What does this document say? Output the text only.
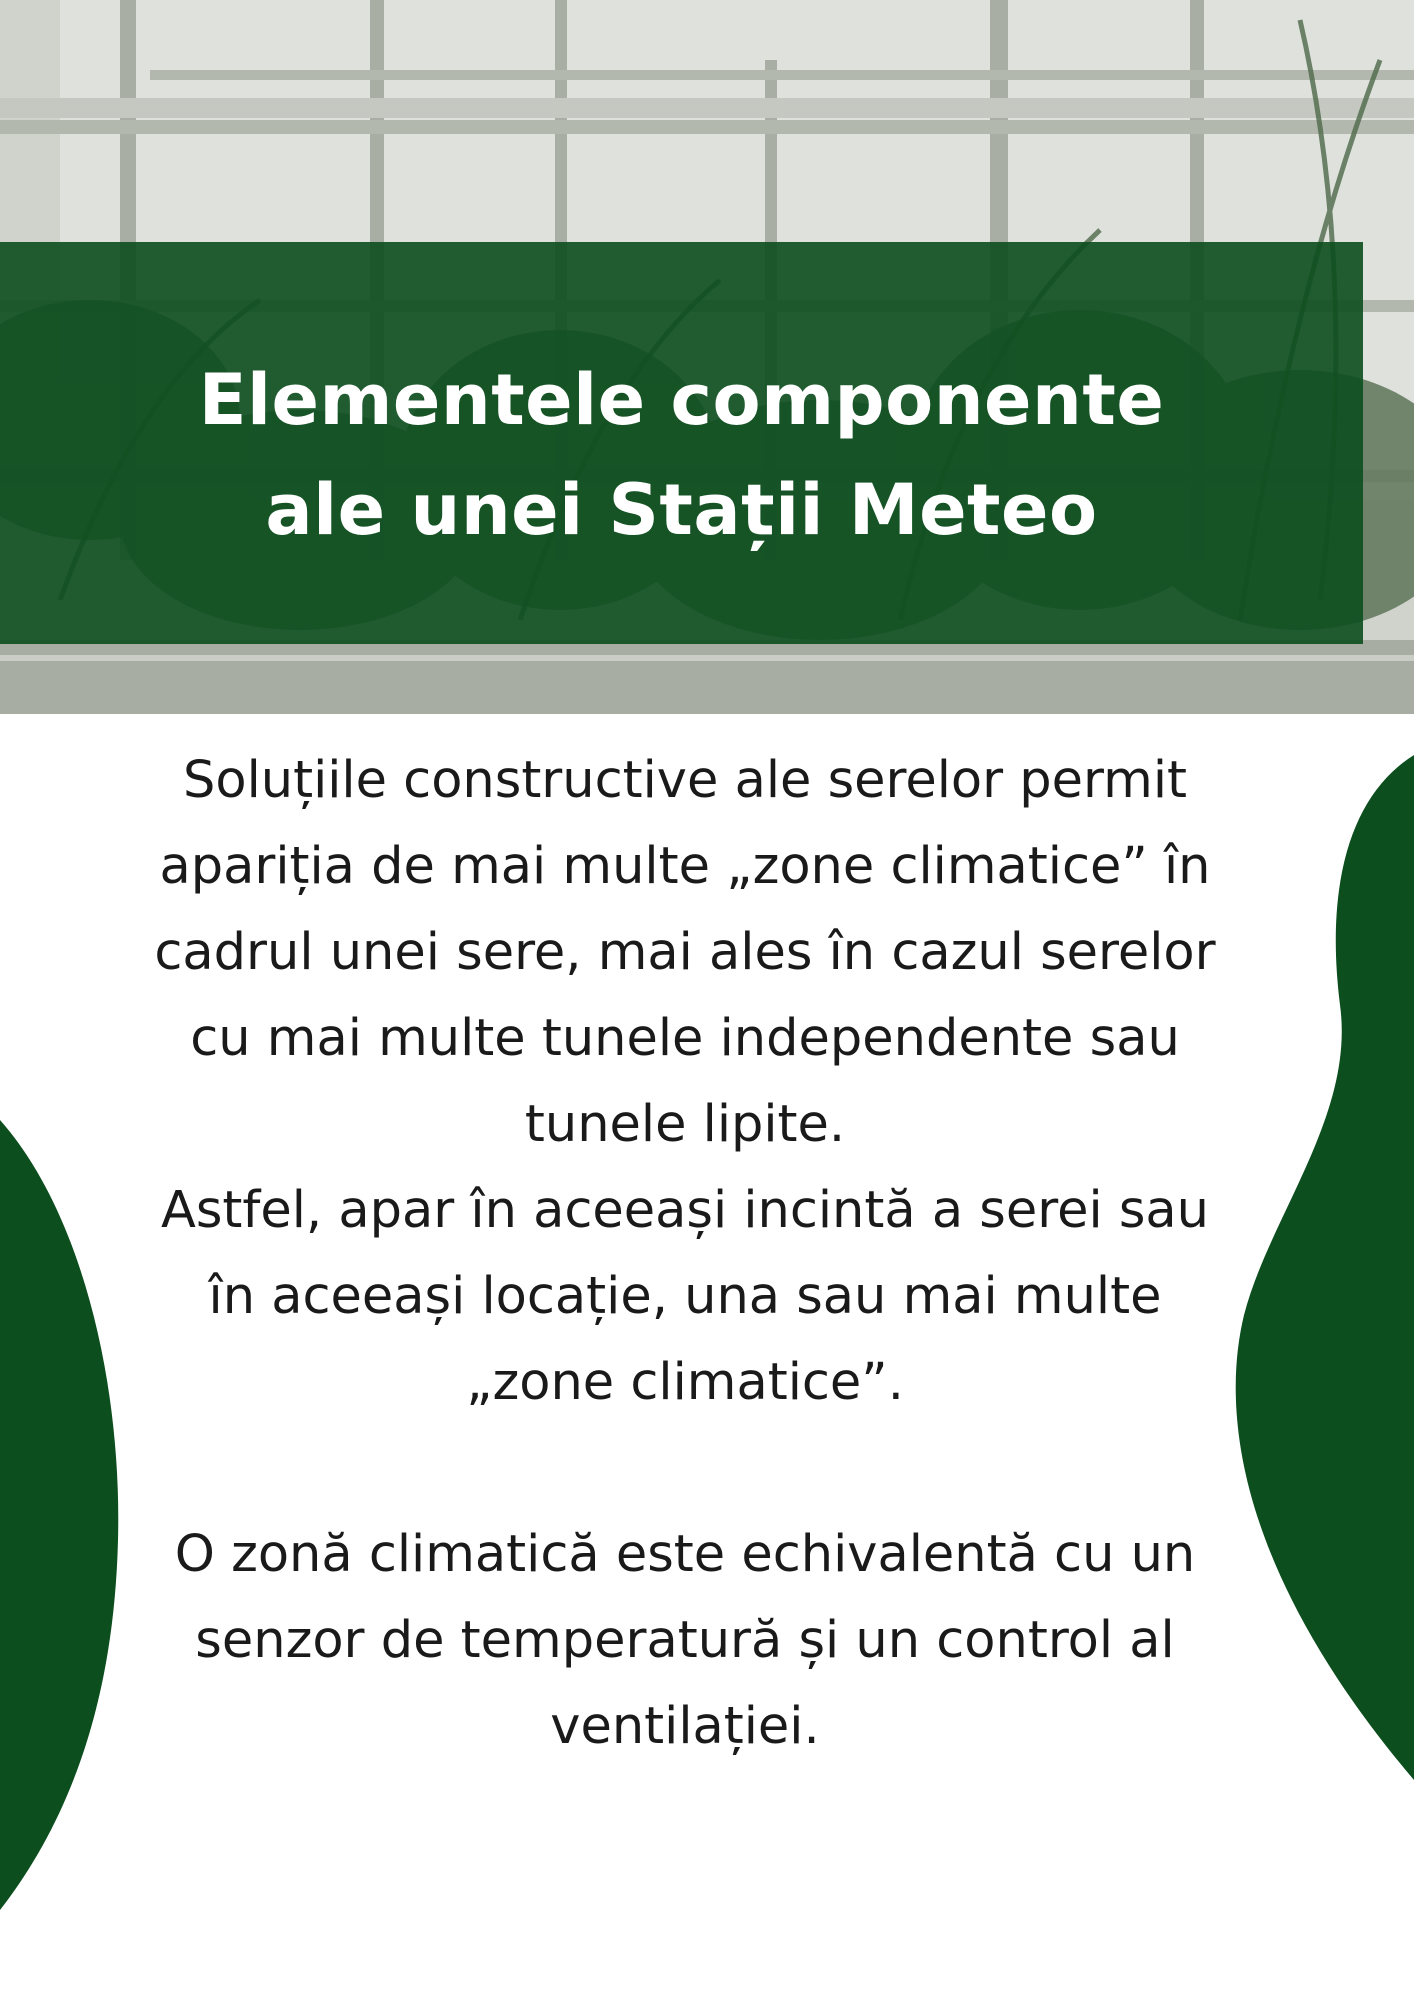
Elementele componente
ale unei Stații Meteo

Soluțiile constructive ale serelor permit apariția de mai multe „zone climatice” în cadrul unei sere, mai ales în cazul serelor cu mai multe tunele independente sau tunele lipite.

Astfel, apar în aceeași incintă a serei sau în aceeași locație, una sau mai multe „zone climatice”.

O zonă climatică este echivalentă cu un senzor de temperatură și un control al ventilației.
